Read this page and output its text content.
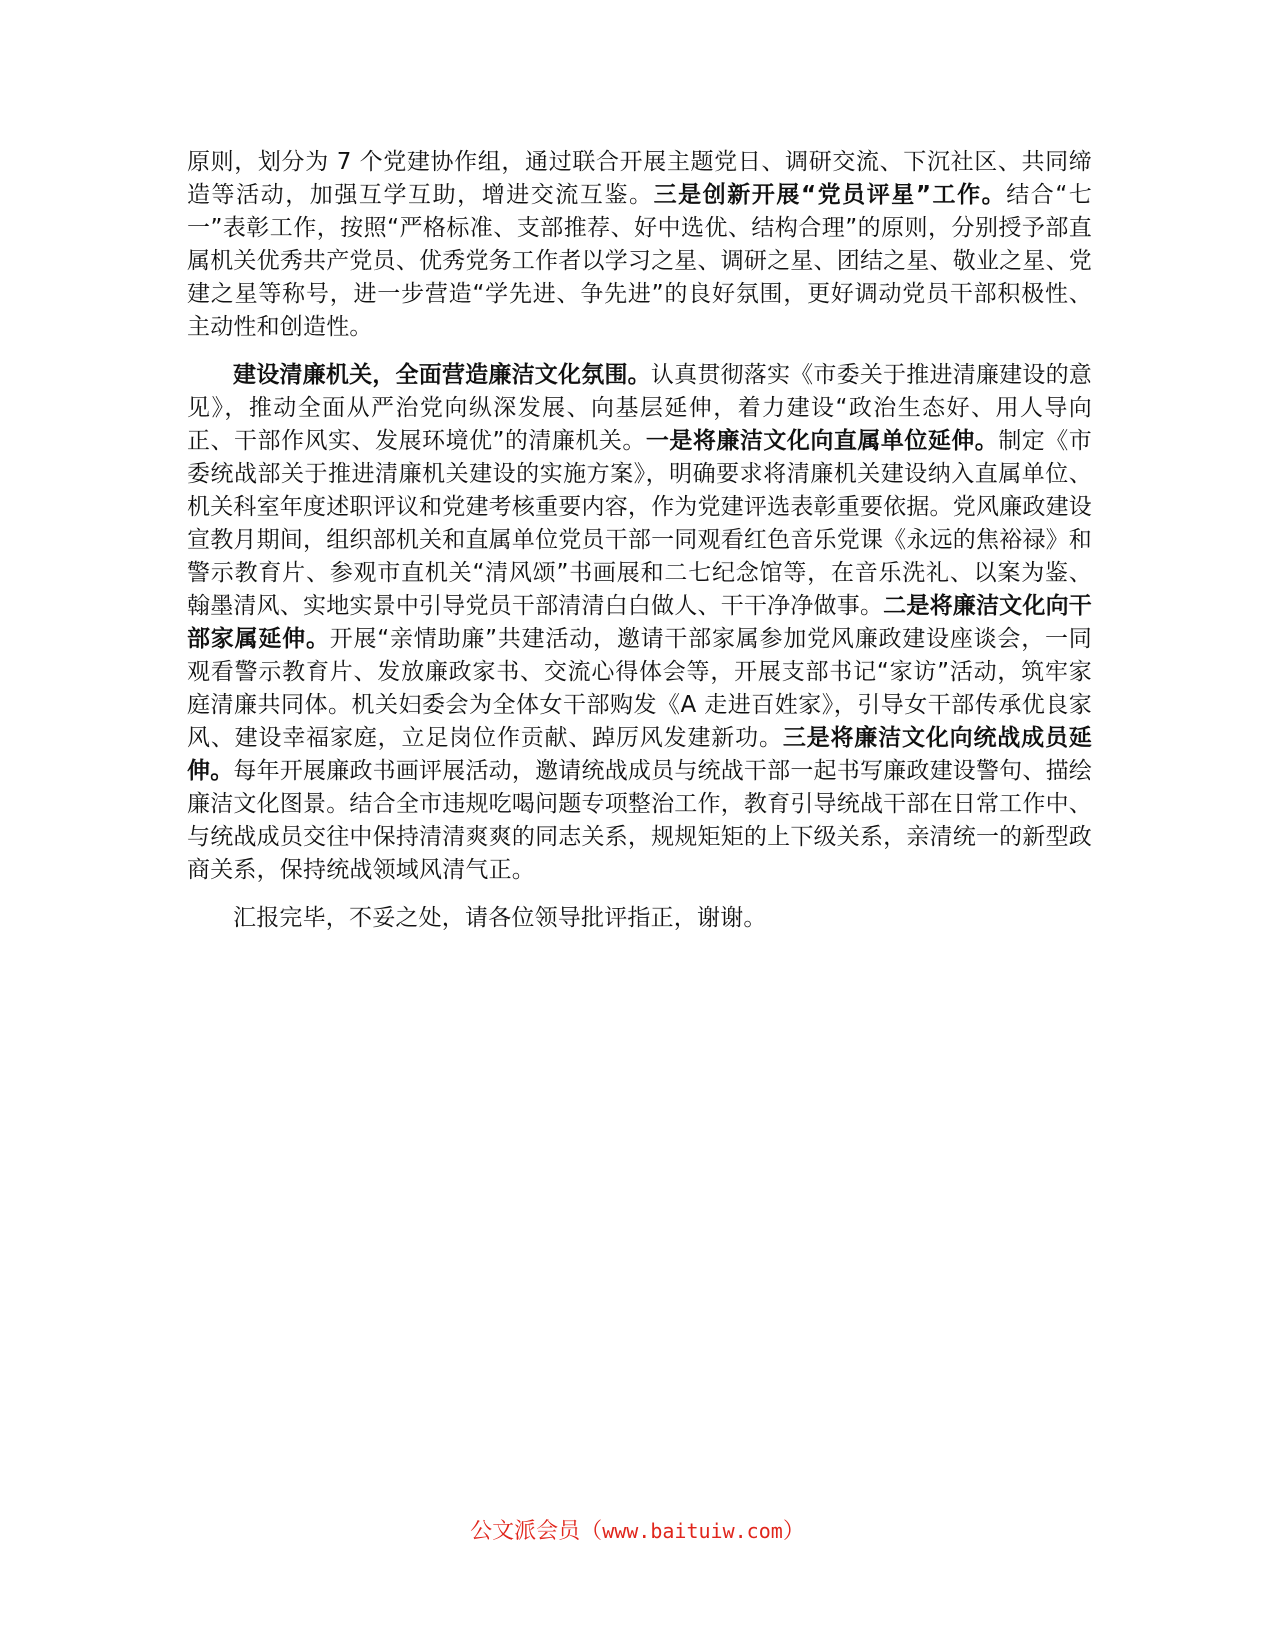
原则，划分为 7 个党建协作组，通过联合开展主题党日、调研交流、下沉社区、共同缔造等活动，加强互学互助，增进交流互鉴。三是创新开展“党员评星”工作。结合“七一”表彰工作，按照“严格标准、支部推荐、好中选优、结构合理”的原则，分别授予部直属机关优秀共产党员、优秀党务工作者以学习之星、调研之星、团结之星、敬业之星、党建之星等称号，进一步营造“学先进、争先进”的良好氛围，更好调动党员干部积极性、主动性和创造性。

建设清廉机关，全面营造廉洁文化氛围。认真贯彻落实《市委关于推进清廉建设的意见》，推动全面从严治党向纵深发展、向基层延伸，着力建设“政治生态好、用人导向正、干部作风实、发展环境优”的清廉机关。一是将廉洁文化向直属单位延伸。制定《市委统战部关于推进清廉机关建设的实施方案》，明确要求将清廉机关建设纳入直属单位、机关科室年度述职评议和党建考核重要内容，作为党建评选表彰重要依据。党风廉政建设宣教月期间，组织部机关和直属单位党员干部一同观看红色音乐党课《永远的焦裕禄》和警示教育片、参观市直机关“清风颂”书画展和二七纪念馆等，在音乐洗礼、以案为鉴、翰墨清风、实地实景中引导党员干部清清白白做人、干干净净做事。二是将廉洁文化向干部家属延伸。开展“亲情助廉”共建活动，邀请干部家属参加党风廉政建设座谈会，一同观看警示教育片、发放廉政家书、交流心得体会等，开展支部书记“家访”活动，筑牢家庭清廉共同体。机关妇委会为全体女干部购发《A 走进百姓家》，引导女干部传承优良家风、建设幸福家庭，立足岗位作贡献、踔厉风发建新功。三是将廉洁文化向统战成员延伸。每年开展廉政书画评展活动，邀请统战成员与统战干部一起书写廉政建设警句、描绘廉洁文化图景。结合全市违规吃喝问题专项整治工作，教育引导统战干部在日常工作中、与统战成员交往中保持清清爽爽的同志关系，规规矩矩的上下级关系，亲清统一的新型政商关系，保持统战领域风清气正。

汇报完毕，不妥之处，请各位领导批评指正，谢谢。

公文派会员（www.baituiw.com）
